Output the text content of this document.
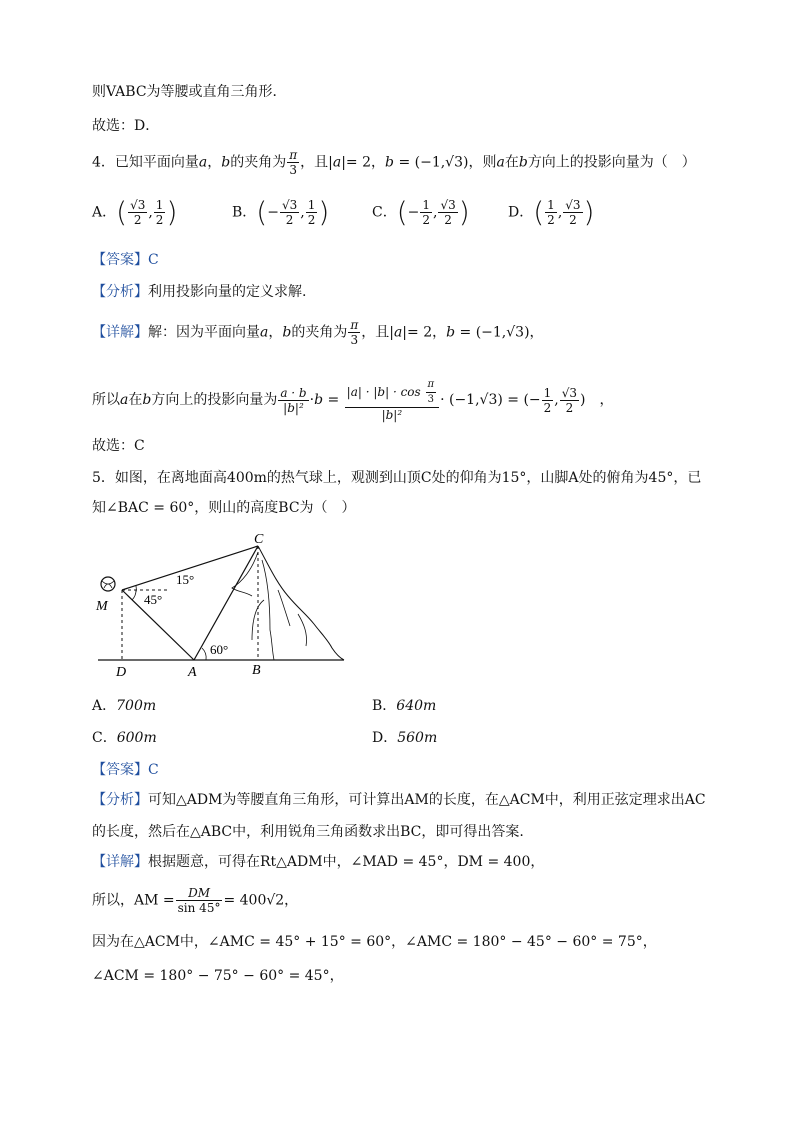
则VABC为等腰或直角三角形．
故选：D．
4．已知平面向量a，b的夹角为 $\frac{\pi}{3}$ ，且|a|= 2，b = (−1,√3)，则a在b方向上的投影向量为（　）
A．( $\frac{√3}{2}$ , $\frac{1}{2}$ )	B．(− $\frac{√3}{2}$ , $\frac{1}{2}$ )	C．(− $\frac{1}{2}$ , $\frac{√3}{2}$ )	D．( $\frac{1}{2}$ , $\frac{√3}{2}$ )
【答案】C
【分析】利用投影向量的定义求解.
【详解】解：因为平面向量a，b的夹角为 $\frac{\pi}{3}$ ，且|a|= 2，b = (−1,√3)，
所以a在b方向上的投影向量为 $\frac{a \cdot b}{\text{|b|²}} \cdot b = \frac{|a| \cdot |b| \cdot \cos \frac{\pi}{3}}{\text{|b|²}} \cdot (-1,√3)$ = (− $\frac{1}{2}$ , $\frac{√3}{2}$ )　，
故选：C
5．如图，在离地面高400m的热气球上，观测到山顶C处的仰角为15°，山脚A处的俯角为45°，已
知∠BAC = 60°，则山的高度BC为（　）
C
M
D	A	B
15°
45°
60°
A．700m	B．640m
C．600m	D．560m
【答案】C
【分析】可知△ADM为等腰直角三角形，可计算出AM的长度，在△ACM中，利用正弦定理求出AC
的长度，然后在△ABC中，利用锐角三角函数求出BC，即可得出答案.
【详解】根据题意，可得在Rt△ADM中，∠MAD = 45°，DM = 400，
所以，AM = $\frac{DM}{\sin 45^\circ} = 400√2$，
因为在△ACM中，∠AMC = 45° + 15° = 60°，∠AMC = 180° − 45° − 60° = 75°，
∠ACM = 180° − 75° − 60° = 45°，
